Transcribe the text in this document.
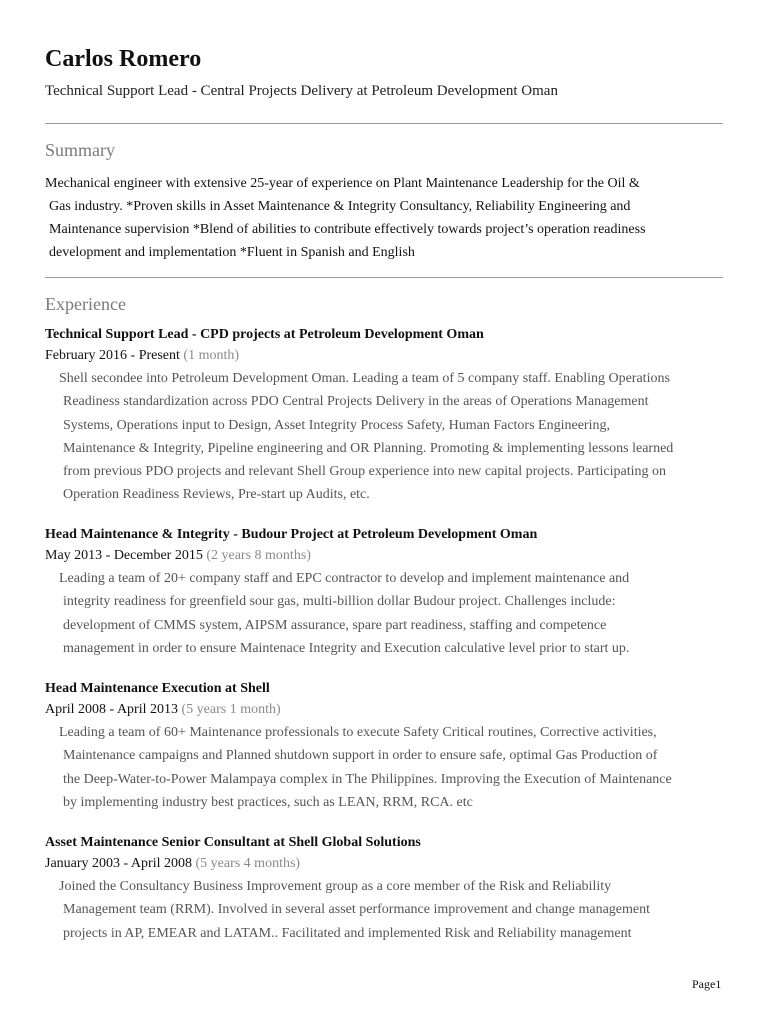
Carlos Romero
Technical Support Lead - Central Projects Delivery at Petroleum Development Oman
Summary
Mechanical engineer with extensive 25-year of experience on Plant Maintenance Leadership for the Oil &
Gas industry. *Proven skills in Asset Maintenance & Integrity Consultancy, Reliability Engineering and
Maintenance supervision *Blend of abilities to contribute effectively towards project’s operation readiness
development and implementation *Fluent in Spanish and English
Experience
Technical Support Lead - CPD projects at Petroleum Development Oman
February 2016 - Present (1 month)
Shell secondee into Petroleum Development Oman. Leading a team of 5 company staff. Enabling Operations
Readiness standardization across PDO Central Projects Delivery in the areas of Operations Management
Systems, Operations input to Design, Asset Integrity Process Safety, Human Factors Engineering,
Maintenance & Integrity, Pipeline engineering and OR Planning. Promoting & implementing lessons learned
from previous PDO projects and relevant Shell Group experience into new capital projects. Participating on
Operation Readiness Reviews, Pre-start up Audits, etc.
Head Maintenance & Integrity - Budour Project at Petroleum Development Oman
May 2013 - December 2015 (2 years 8 months)
Leading a team of 20+ company staff and EPC contractor to develop and implement maintenance and
integrity readiness for greenfield sour gas, multi-billion dollar Budour project. Challenges include:
development of CMMS system, AIPSM assurance, spare part readiness, staffing and competence
management in order to ensure Maintenace Integrity and Execution calculative level prior to start up.
Head Maintenance Execution at Shell
April 2008 - April 2013 (5 years 1 month)
Leading a team of 60+ Maintenance professionals to execute Safety Critical routines, Corrective activities,
Maintenance campaigns and Planned shutdown support in order to ensure safe, optimal Gas Production of
the Deep-Water-to-Power Malampaya complex in The Philippines. Improving the Execution of Maintenance
by implementing industry best practices, such as LEAN, RRM, RCA. etc
Asset Maintenance Senior Consultant at Shell Global Solutions
January 2003 - April 2008 (5 years 4 months)
Joined the Consultancy Business Improvement group as a core member of the Risk and Reliability
Management team (RRM). Involved in several asset performance improvement and change management
projects in AP, EMEAR and LATAM.. Facilitated and implemented Risk and Reliability management
Page1
